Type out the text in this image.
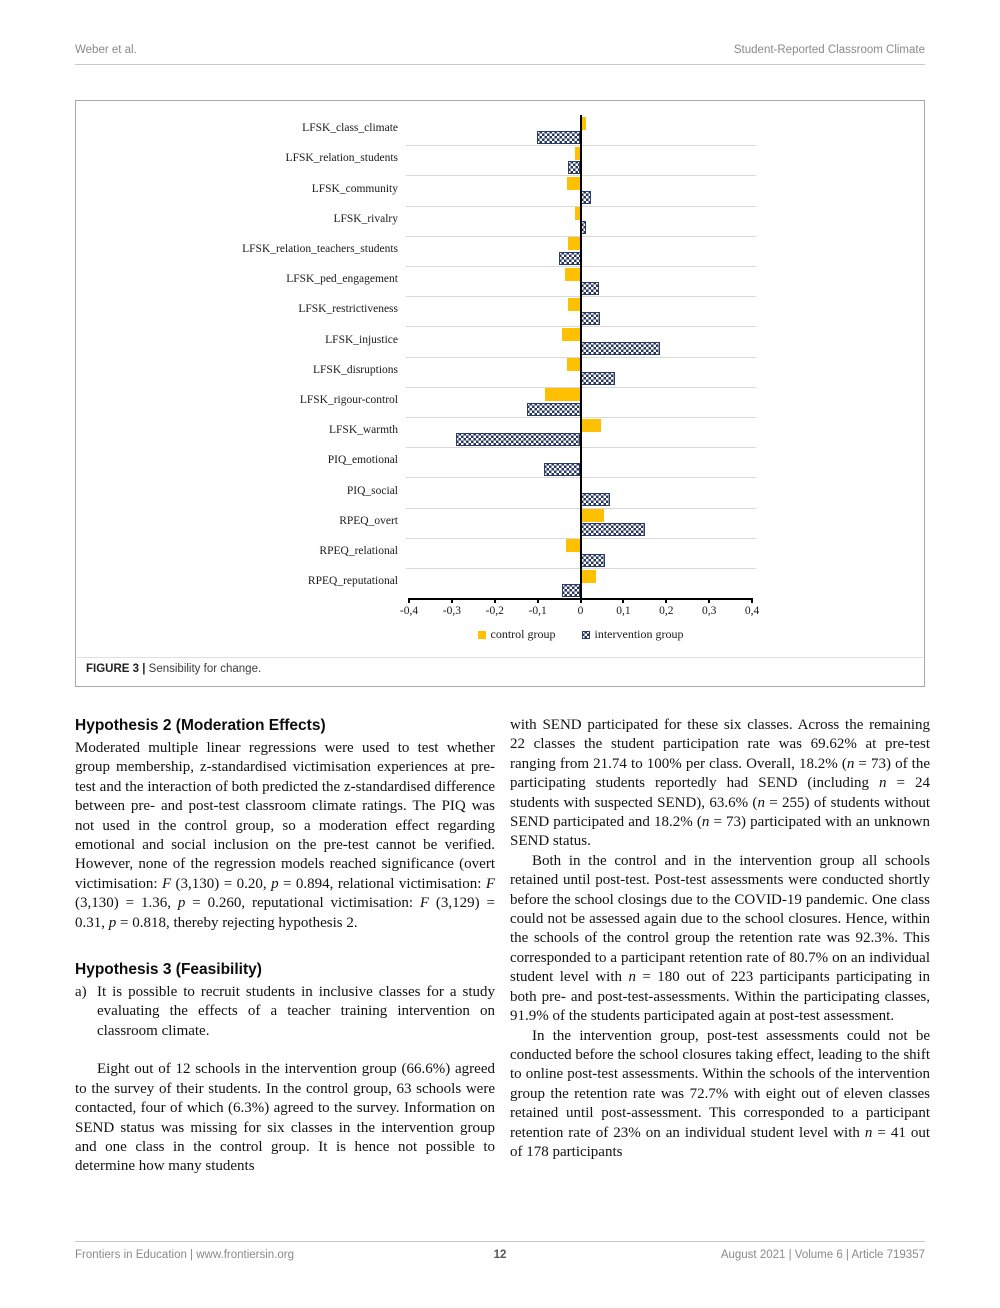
Weber et al.	Student-Reported Classroom Climate
LFSK_class_climate
LFSK_relation_students
LFSK_community
LFSK_rivalry
LFSK_relation_teachers_students
LFSK_ped_engagement
LFSK_restrictiveness
LFSK_injustice
LFSK_disruptions
LFSK_rigour-control
LFSK_warmth
PIQ_emotional
PIQ_social
RPEQ_overt
RPEQ_relational
RPEQ_reputational
-0,4	-0,3	-0,2	-0,1	0	0,1	0,2	0,3	0,4
control group	intervention group
FIGURE 3 | Sensibility for change.
Hypothesis 2 (Moderation Effects)

Moderated multiple linear regressions were used to test whether group membership, z-standardised victimisation experiences at pre-test and the interaction of both predicted the z-standardised difference between pre- and post-test classroom climate ratings. The PIQ was not used in the control group, so a moderation effect regarding emotional and social inclusion on the pre-test cannot be verified. However, none of the regression models reached significance (overt victimisation: F (3,130) = 0.20, p = 0.894, relational victimisation: F (3,130) = 1.36, p = 0.260, reputational victimisation: F (3,129) = 0.31, p = 0.818, thereby rejecting hypothesis 2.

Hypothesis 3 (Feasibility)
a) It is possible to recruit students in inclusive classes for a study evaluating the effects of a teacher training intervention on classroom climate.

Eight out of 12 schools in the intervention group (66.6%) agreed to the survey of their students. In the control group, 63 schools were contacted, four of which (6.3%) agreed to the survey. Information on SEND status was missing for six classes in the intervention group and one class in the control group. It is hence not possible to determine how many students

with SEND participated for these six classes. Across the remaining 22 classes the student participation rate was 69.62% at pre-test ranging from 21.74 to 100% per class. Overall, 18.2% (n = 73) of the participating students reportedly had SEND (including n = 24 students with suspected SEND), 63.6% (n = 255) of students without SEND participated and 18.2% (n = 73) participated with an unknown SEND status.

Both in the control and in the intervention group all schools retained until post-test. Post-test assessments were conducted shortly before the school closings due to the COVID-19 pandemic. One class could not be assessed again due to the school closures. Hence, within the schools of the control group the retention rate was 92.3%. This corresponded to a participant retention rate of 80.7% on an individual student level with n = 180 out of 223 participants participating in both pre- and post-test-assessments. Within the participating classes, 91.9% of the students participated again at post-test assessment.

In the intervention group, post-test assessments could not be conducted before the school closures taking effect, leading to the shift to online post-test assessments. Within the schools of the intervention group the retention rate was 72.7% with eight out of eleven classes retained until post-assessment. This corresponded to a participant retention rate of 23% on an individual student level with n = 41 out of 178 participants

Frontiers in Education | www.frontiersin.org	12	August 2021 | Volume 6 | Article 719357
